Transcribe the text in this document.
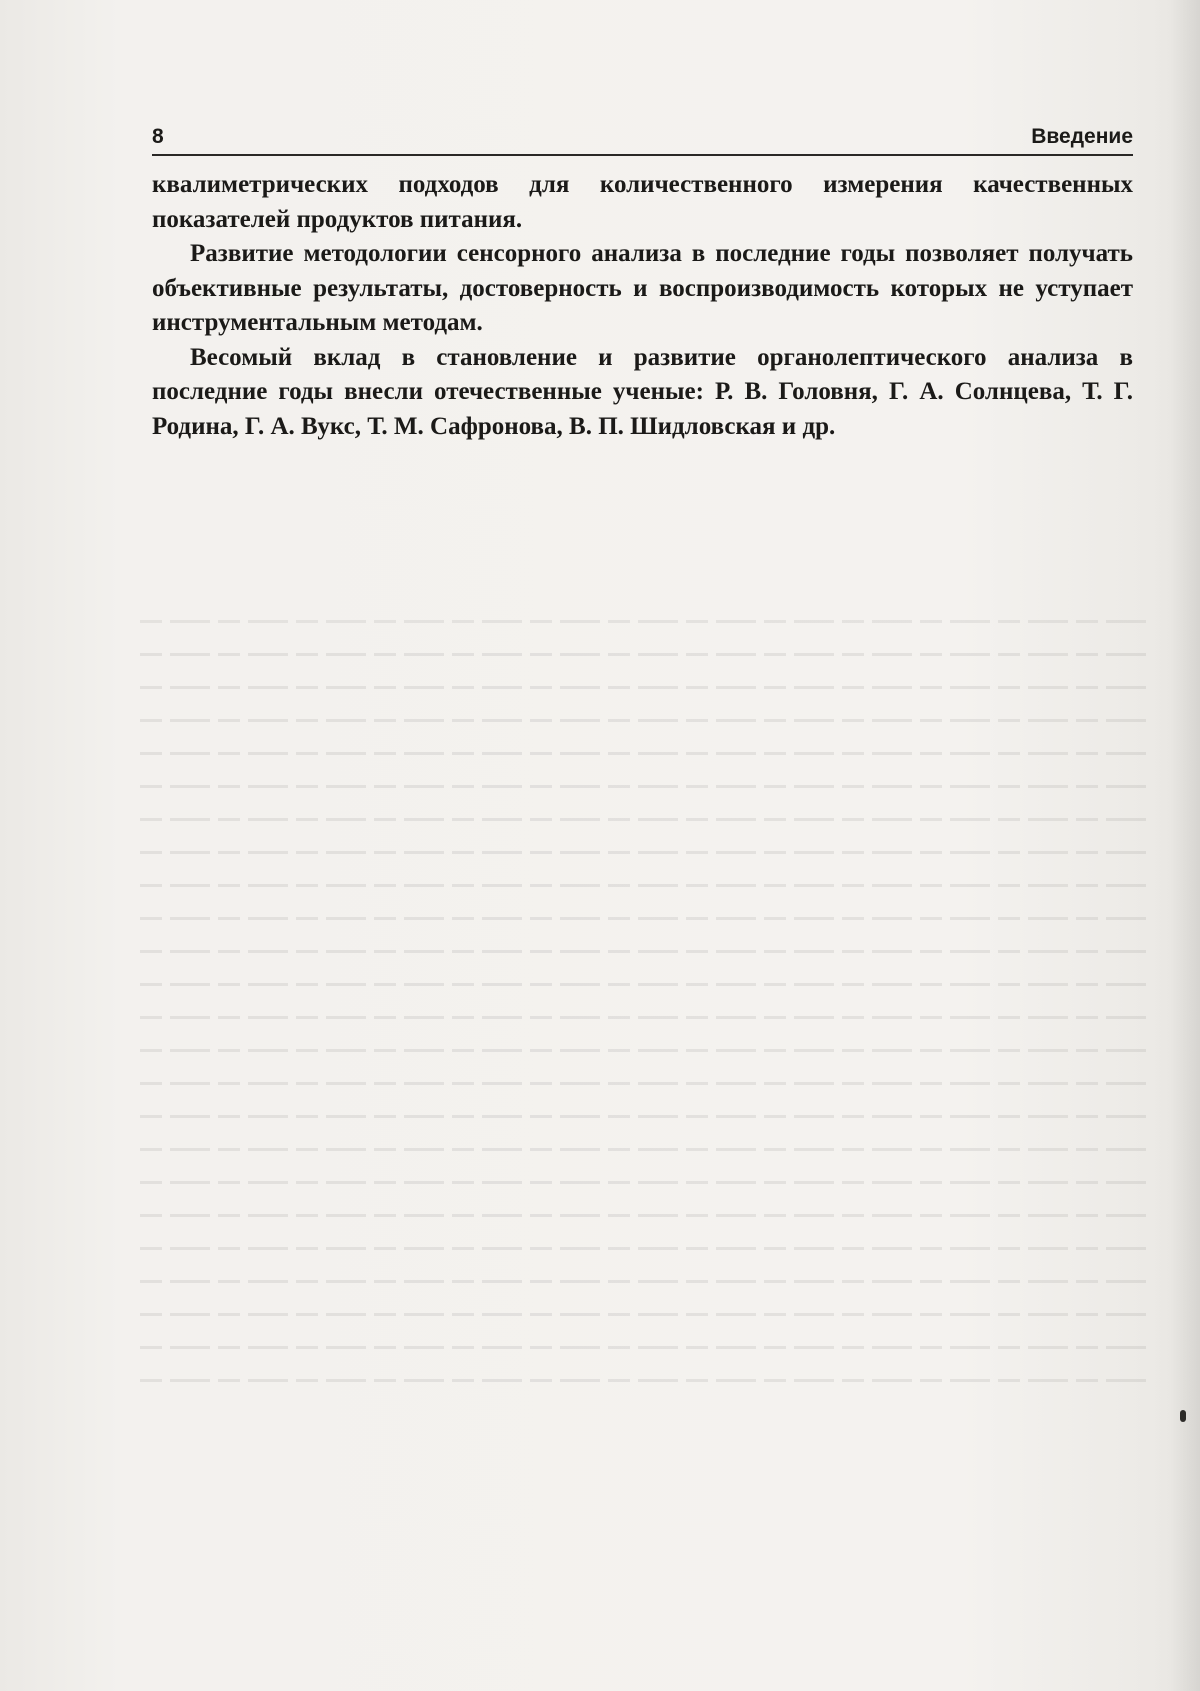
8	Введение

квалиметрических подходов для количественного измерения качественных показателей продуктов питания.

Развитие методологии сенсорного анализа в последние годы позволяет получать объективные результаты, достоверность и воспроизводимость которых не уступает инструментальным методам.

Весомый вклад в становление и развитие органолептического анализа в последние годы внесли отечественные ученые: Р. В. Головня, Г. А. Солнцева, Т. Г. Родина, Г. А. Вукс, Т. М. Сафронова, В. П. Шидловская и др.
